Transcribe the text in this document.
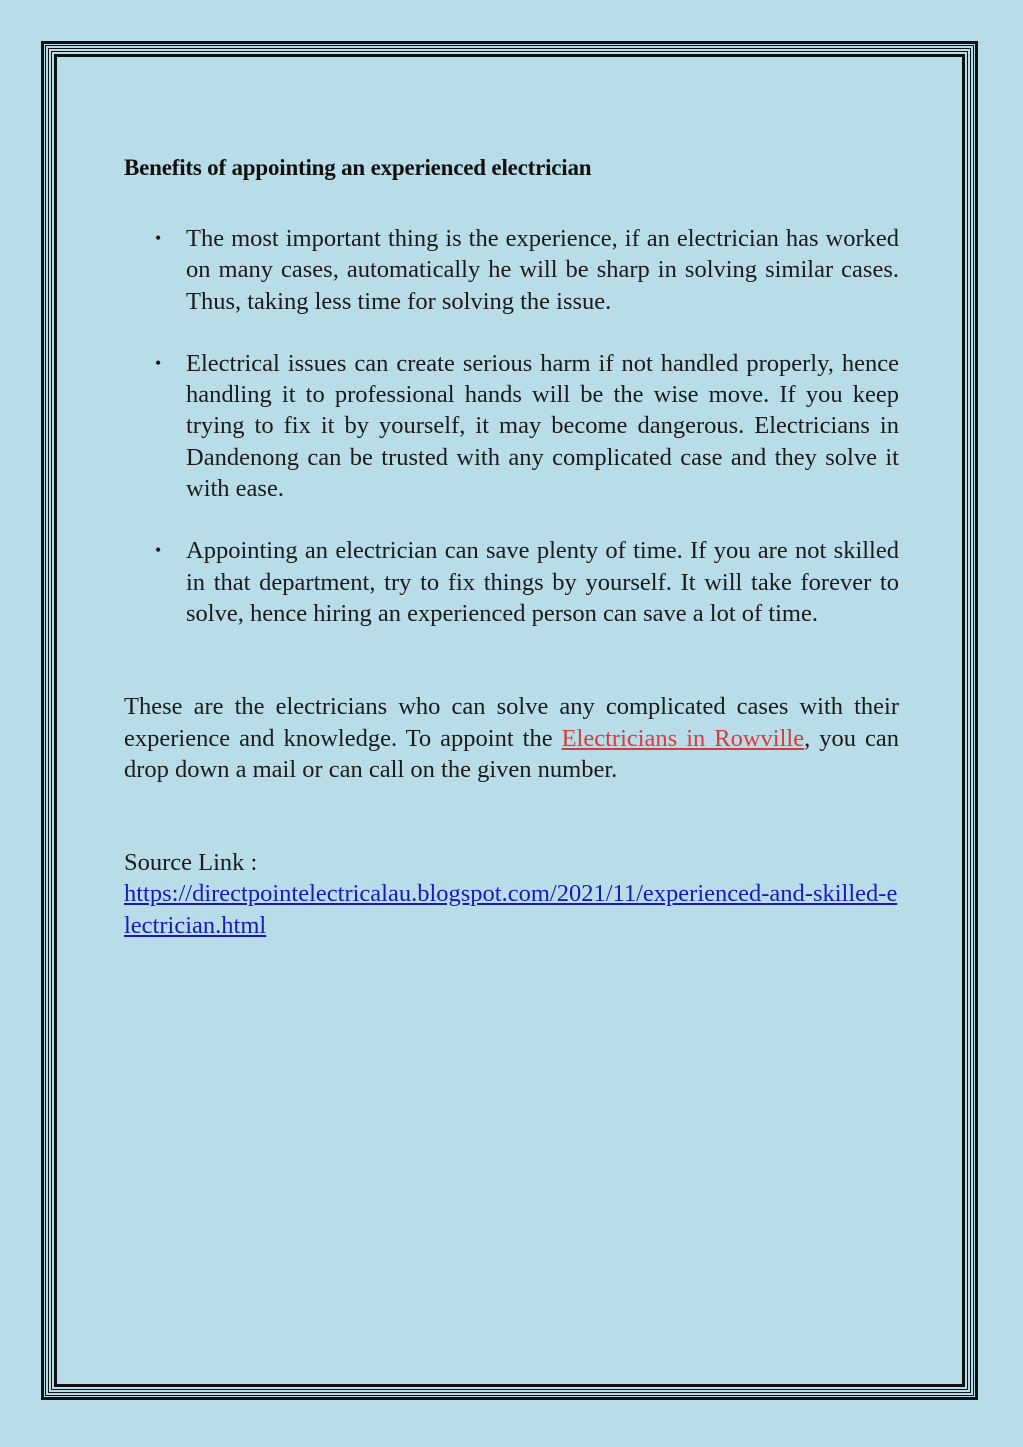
Benefits of appointing an experienced electrician
• The most important thing is the experience, if an electrician has worked on many cases, automatically he will be sharp in solving similar cases. Thus, taking less time for solving the issue.
• Electrical issues can create serious harm if not handled properly, hence handling it to professional hands will be the wise move. If you keep trying to fix it by yourself, it may become dangerous. Electricians in Dandenong can be trusted with any complicated case and they solve it with ease.
• Appointing an electrician can save plenty of time. If you are not skilled in that department, try to fix things by yourself. It will take forever to solve, hence hiring an experienced person can save a lot of time.

These are the electricians who can solve any complicated cases with their experience and knowledge. To appoint the Electricians in Rowville, you can drop down a mail or can call on the given number.

Source Link :
https://directpointelectricalau.blogspot.com/2021/11/experienced-and-skilled-electrician.html
